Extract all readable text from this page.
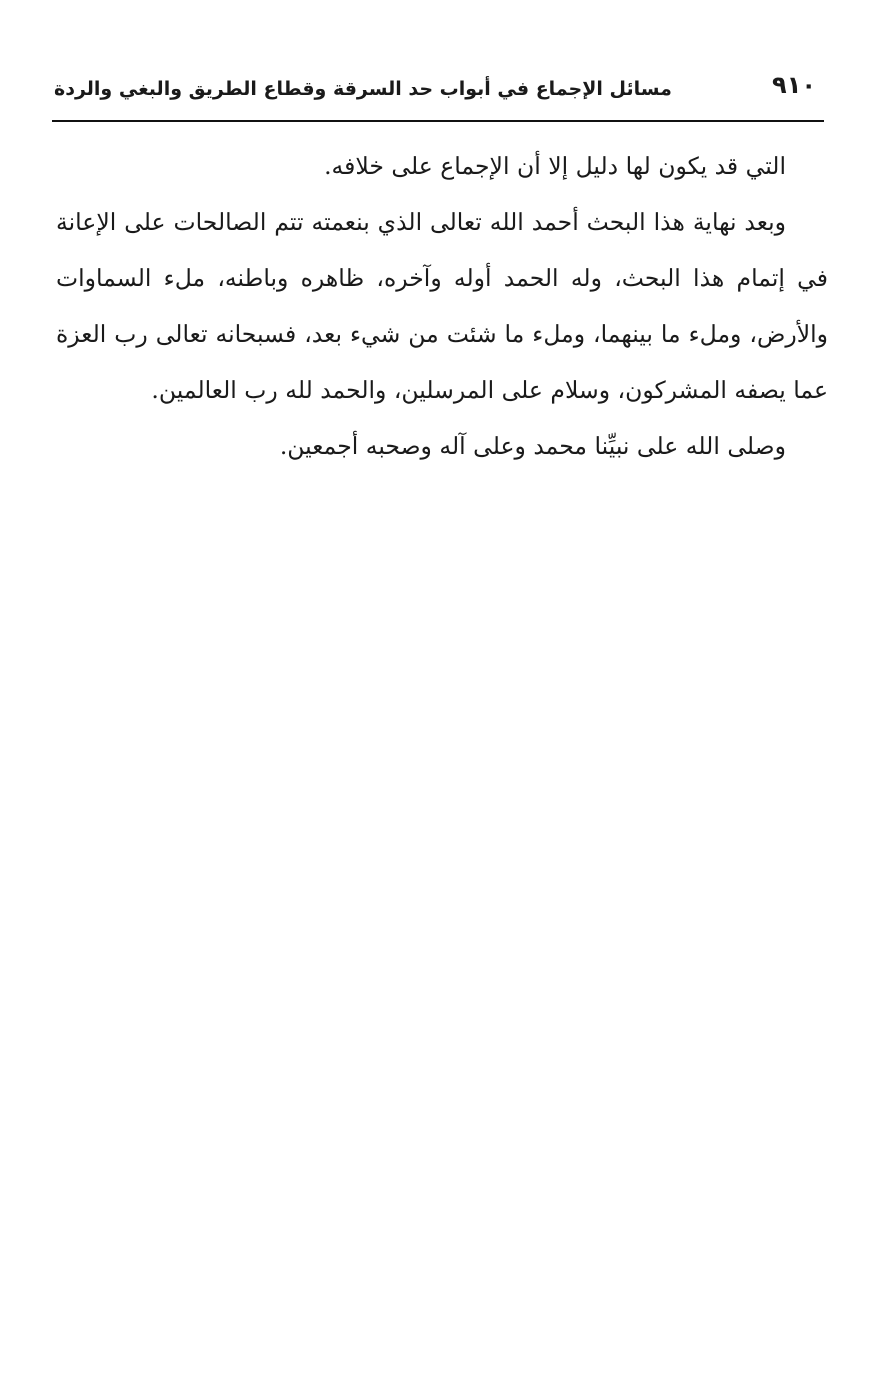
٩١٠
مسائل الإجماع في أبواب حد السرقة وقطاع الطريق والبغي والردة

التي قد يكون لها دليل إلا أن الإجماع على خلافه.

وبعد نهاية هذا البحث أحمد الله تعالى الذي بنعمته تتم الصالحات على الإعانة في إتمام هذا البحث، وله الحمد أوله وآخره، ظاهره وباطنه، ملء السماوات والأرض، وملء ما بينهما، وملء ما شئت من شيء بعد، فسبحانه تعالى رب العزة عما يصفه المشركون، وسلام على المرسلين، والحمد لله رب العالمين.

وصلى الله على نبيِّنا محمد وعلى آله وصحبه أجمعين.
